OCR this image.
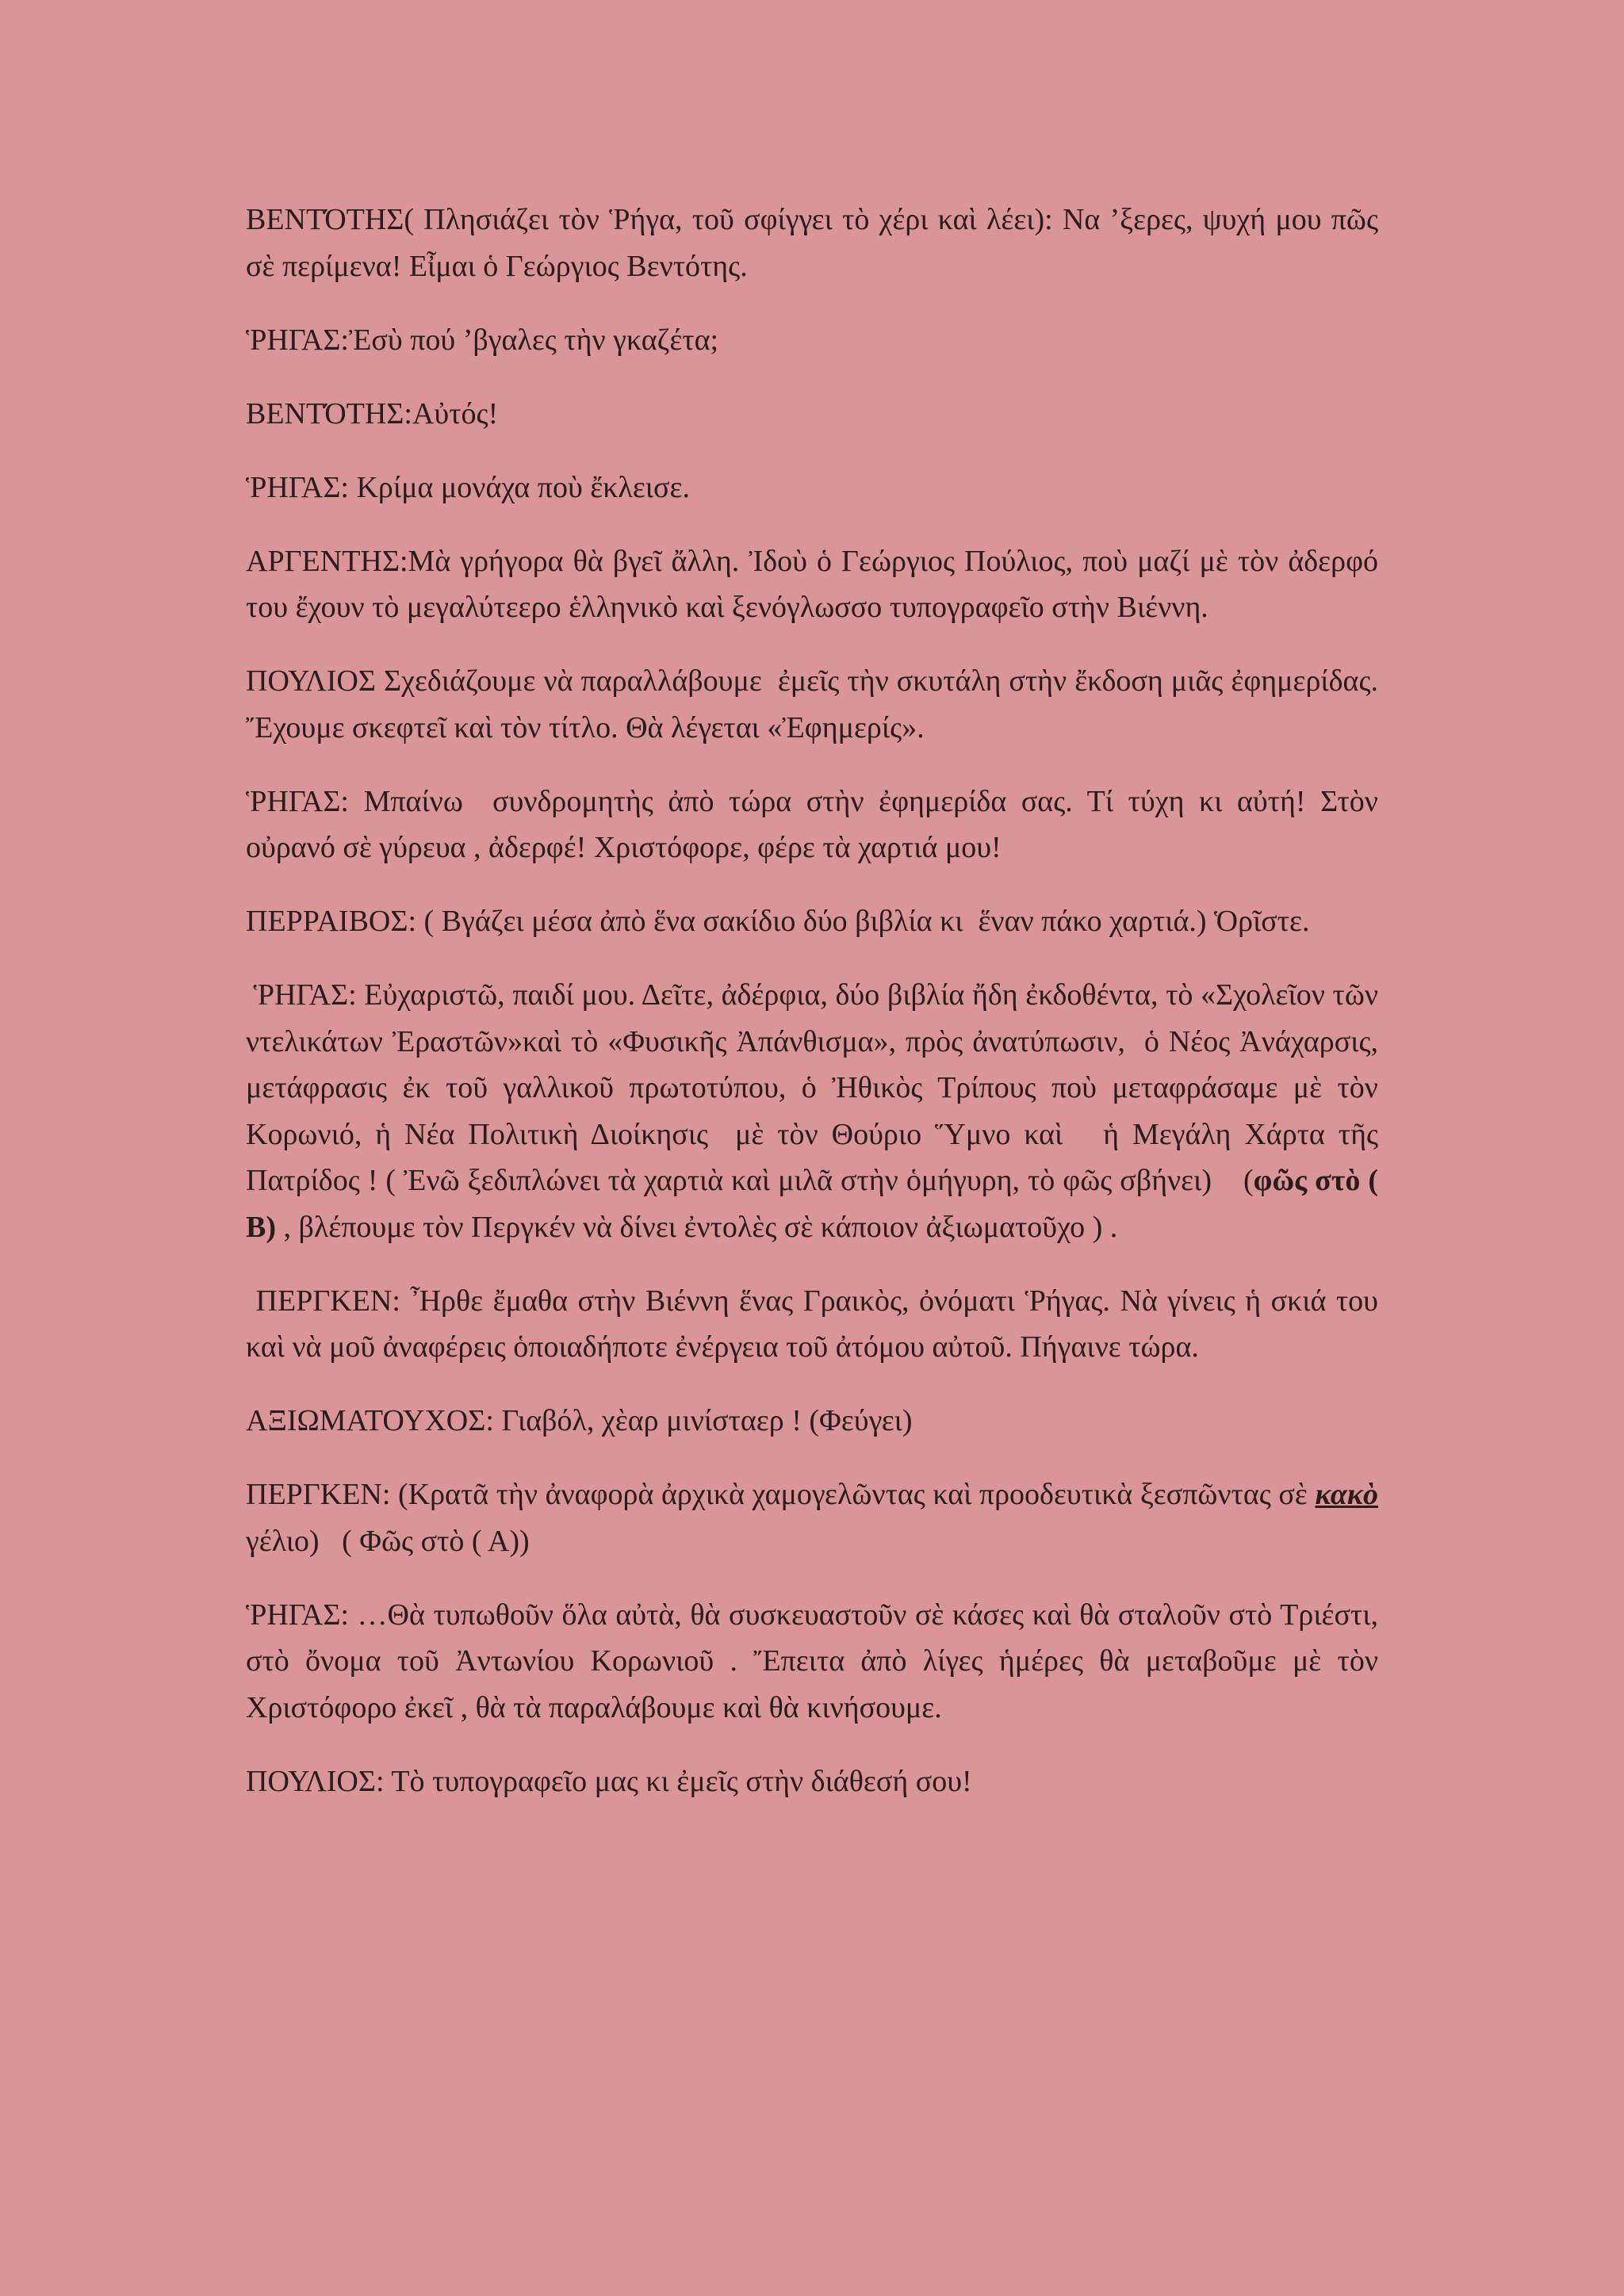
ΒΕΝΤΌΤΗΣ( Πλησιάζει τὸν Ῥήγα, τοῦ σφίγγει τὸ χέρι καὶ λέει): Να ’ξερες, ψυχή μου πῶς σὲ περίμενα! Εἶμαι ὁ Γεώργιος Βεντότης.

ῬΗΓΑΣ:Ἐσὺ πού ’βγαλες τὴν γκαζέτα;

ΒΕΝΤΌΤΗΣ:Αὐτός!

ῬΗΓΑΣ: Κρίμα μονάχα ποὺ ἔκλεισε.

ΑΡΓΕΝΤΗΣ:Μὰ γρήγορα θὰ βγεῖ ἄλλη. Ἰδοὺ ὁ Γεώργιος Πούλιος, ποὺ μαζί μὲ τὸν ἀδερφό του ἔχουν τὸ μεγαλύτεερο ἑλληνικὸ καὶ ξενόγλωσσο τυπογραφεῖο στὴν Βιέννη.

ΠΟΥΛΙΟΣ Σχεδιάζουμε νὰ παραλλάβουμε  ἐμεῖς τὴν σκυτάλη στὴν ἔκδοση μιᾶς ἐφημερίδας. Ἔχουμε σκεφτεῖ καὶ τὸν τίτλο. Θὰ λέγεται «Ἐφημερίς».

ῬΗΓΑΣ: Μπαίνω  συνδρομητὴς ἀπὸ τώρα στὴν ἐφημερίδα σας. Τί τύχη κι αὐτή! Στὸν οὐρανό σὲ γύρευα , ἀδερφέ! Χριστόφορε, φέρε τὰ χαρτιά μου!

ΠΕΡΡΑΙΒΟΣ: ( Βγάζει μέσα ἀπὸ ἕνα σακίδιο δύο βιβλία κι  ἕναν πάκο χαρτιά.) Ὁρῖστε.

ῬΗΓΑΣ: Εὐχαριστῶ, παιδί μου. Δεῖτε, ἀδέρφια, δύο βιβλία ἤδη ἐκδοθέντα, τὸ «Σχολεῖον τῶν ντελικάτων Ἐραστῶν»καὶ τὸ «Φυσικῆς Ἀπάνθισμα», πρὸς ἀνατύπωσιν,  ὁ Νέος Ἀνάχαρσις, μετάφρασις ἐκ τοῦ γαλλικοῦ πρωτοτύπου, ὁ Ἠθικὸς Τρίπους ποὺ μεταφράσαμε μὲ τὸν Κορωνιό, ἡ Νέα Πολιτικὴ Διοίκησις  μὲ τὸν Θούριο Ὕμνο καὶ   ἡ Μεγάλη Χάρτα τῆς Πατρίδος ! ( Ἐνῶ ξεδιπλώνει τὰ χαρτιὰ καὶ μιλᾶ στὴν ὁμήγυρη, τὸ φῶς σβήνει)    (φῶς στὸ ( Β) , βλέπουμε τὸν Περγκέν νὰ δίνει ἐντολὲς σὲ κάποιον ἀξιωματοῦχο ) .

ΠΕΡΓΚΕΝ: Ἦρθε ἔμαθα στὴν Βιέννη ἕνας Γραικὸς, ὀνόματι Ῥήγας. Νὰ γίνεις ἡ σκιά του καὶ νὰ μοῦ ἀναφέρεις ὁποιαδήποτε ἐνέργεια τοῦ ἀτόμου αὐτοῦ. Πήγαινε τώρα.

ΑΞΙΩΜΑΤΟΥΧΟΣ: Γιαβόλ, χὲαρ μινίσταερ ! (Φεύγει)

ΠΕΡΓΚΕΝ: (Κρατᾶ τὴν ἀναφορὰ ἀρχικὰ χαμογελῶντας καὶ προοδευτικὰ ξεσπῶντας σὲ κακὸ γέλιο)   ( Φῶς στὸ ( Α))

ῬΗΓΑΣ: …Θὰ τυπωθοῦν ὅλα αὐτὰ, θὰ συσκευαστοῦν σὲ κάσες καὶ θὰ σταλοῦν στὸ Τριέστι,  στὸ ὄνομα τοῦ Ἀντωνίου Κορωνιοῦ . Ἔπειτα ἀπὸ λίγες ἡμέρες θὰ μεταβοῦμε μὲ τὸν Χριστόφορο ἐκεῖ , θὰ τὰ παραλάβουμε καὶ θὰ κινήσουμε.

ΠΟΥΛΙΟΣ: Τὸ τυπογραφεῖο μας κι ἐμεῖς στὴν διάθεσή σου!
